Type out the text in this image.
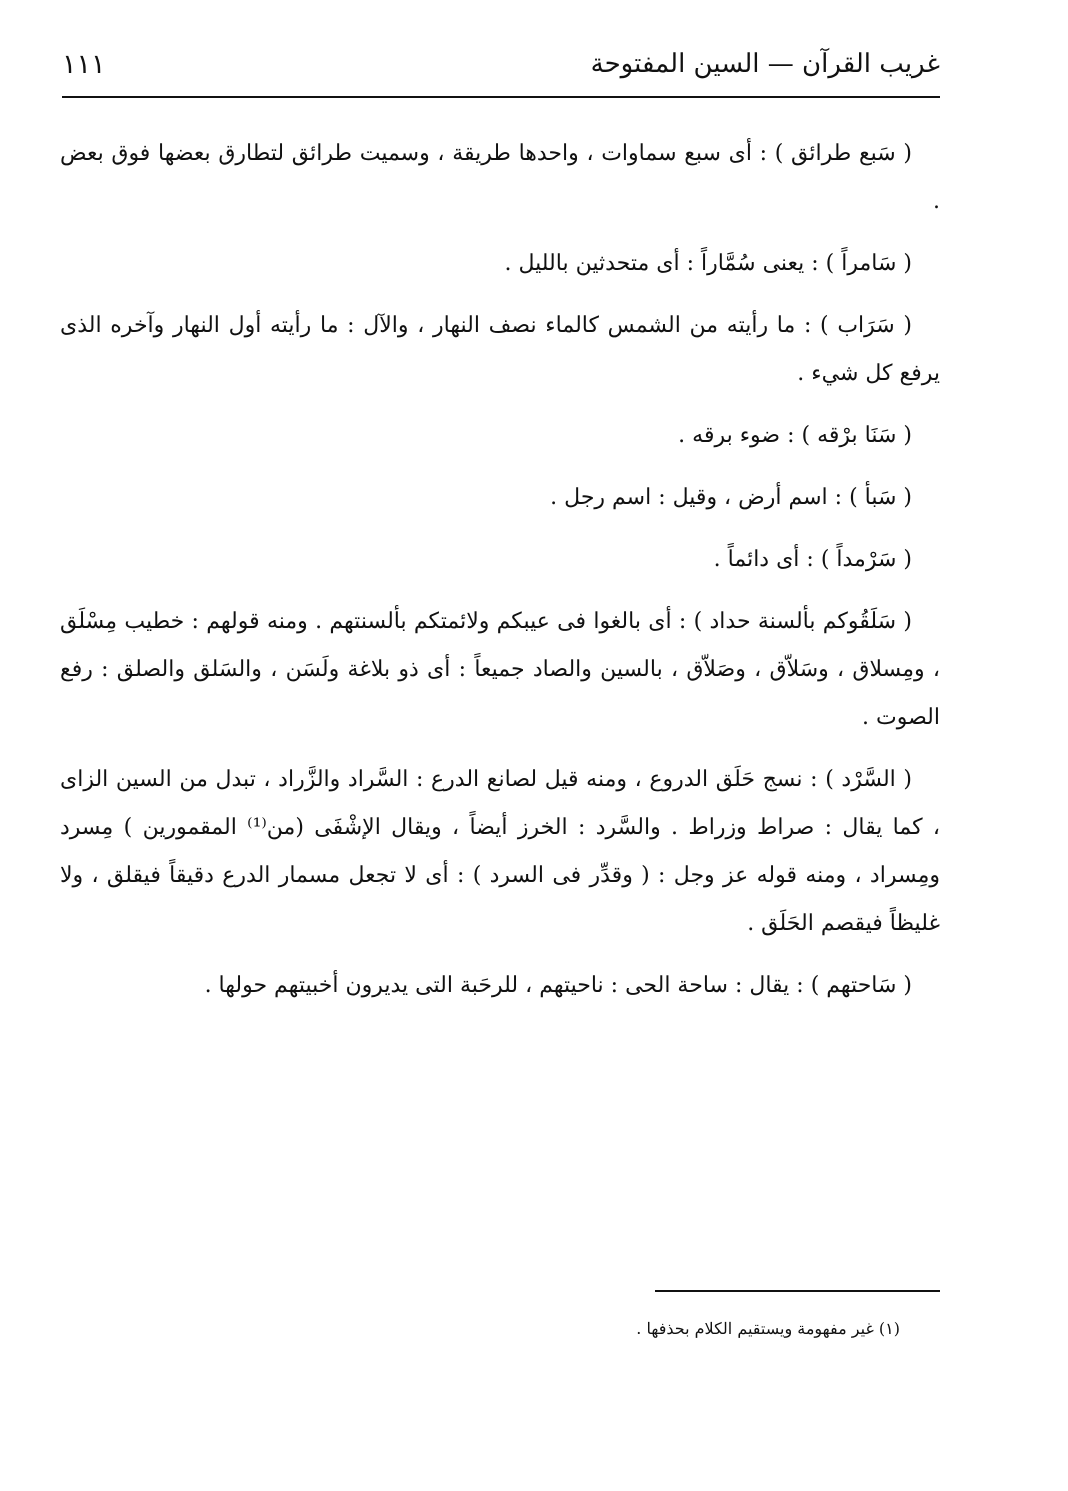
غريب القرآن — السين المفتوحة
١١١

( سَبع طرائق ) : أى سبع سماوات ، واحدها طريقة ، وسميت طرائق لتطارق بعضها فوق بعض .

( سَامراً ) : يعنى سُمَّاراً : أى متحدثين بالليل .

( سَرَاب ) : ما رأيته من الشمس كالماء نصف النهار ، والآل : ما رأيته أول النهار وآخره الذى يرفع كل شيء .

( سَنَا برْقه ) : ضوء برقه .

( سَبأ ) : اسم أرض ، وقيل : اسم رجل .

( سَرْمداً ) : أى دائماً .

( سَلَقُوكم بألسنة حداد ) : أى بالغوا فى عيبكم ولائمتكم بألسنتهم . ومنه قولهم : خطيب مِسْلَق ، ومِسلاق ، وسَلاّق ، وصَلاّق ، بالسين والصاد جميعاً : أى ذو بلاغة ولَسَن ، والسَلق والصلق : رفع الصوت .

( السَّرْد ) : نسج حَلَق الدروع ، ومنه قيل لصانع الدرع : السَّراد والزَّراد ، تبدل من السين الزاى ، كما يقال : صراط وزراط . والسَّرد : الخرز أيضاً ، ويقال الإشْفَى (من⁽¹⁾ المقمورين ) مِسرد ومِسراد ، ومنه قوله عز وجل : ( وقدِّر فى السرد ) : أى لا تجعل مسمار الدرع دقيقاً فيقلق ، ولا غليظاً فيقصم الحَلَق .

( سَاحتهم ) : يقال : ساحة الحى : ناحيتهم ، للرحَبة التى يديرون أخبيتهم حولها .

(١) غير مفهومة ويستقيم الكلام بحذفها .
